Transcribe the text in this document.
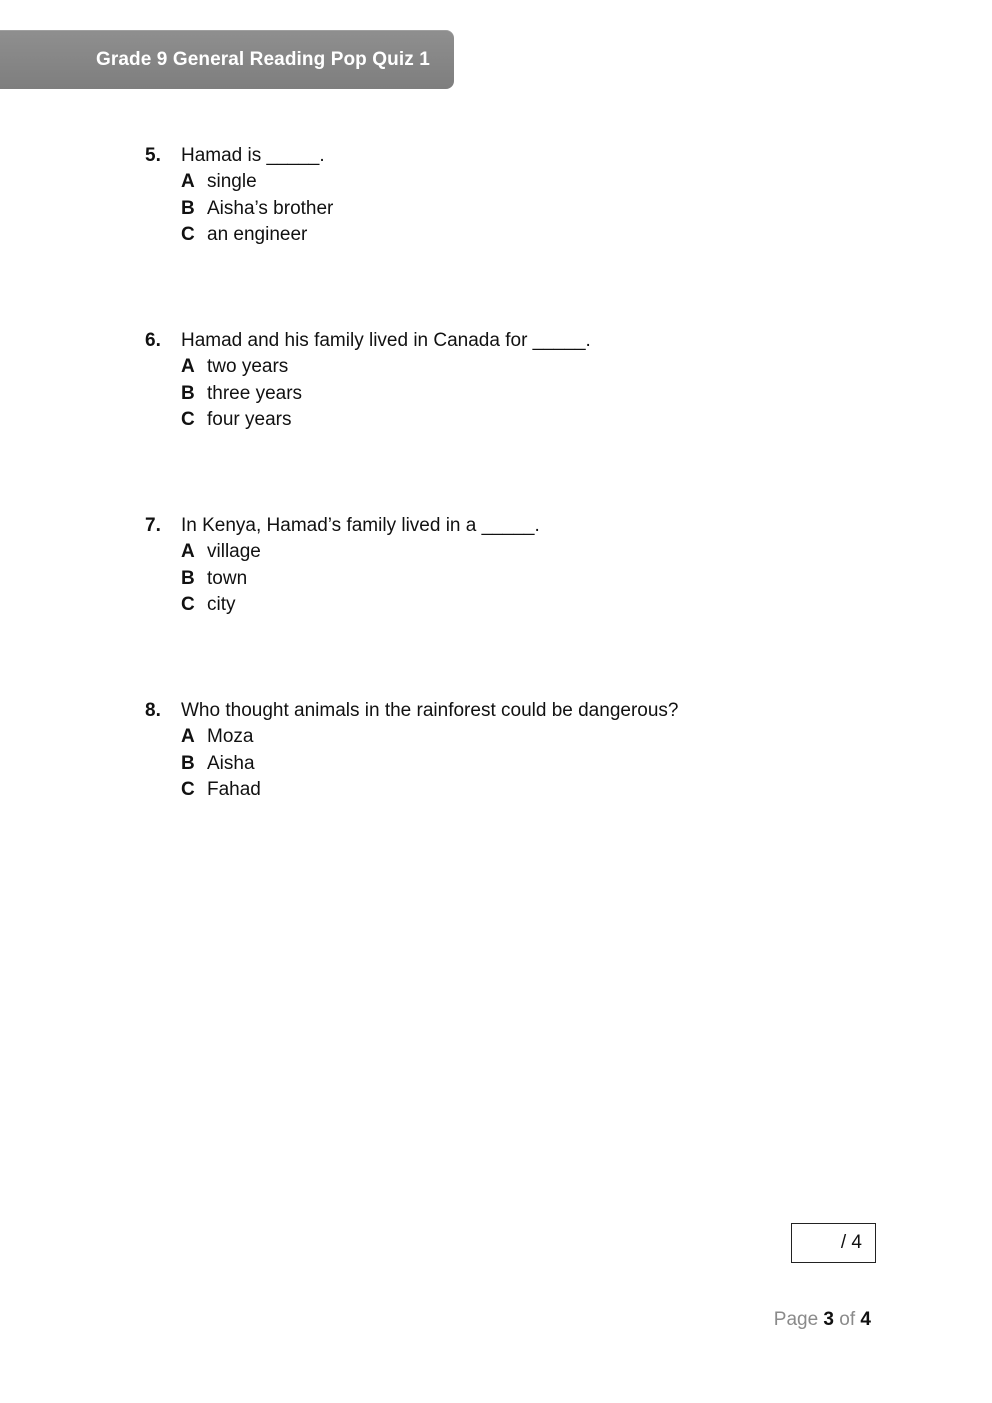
Grade 9 General Reading Pop Quiz 1
5. Hamad is _____.
A single
B Aisha’s brother
C an engineer
6. Hamad and his family lived in Canada for _____.
A two years
B three years
C four years
7. In Kenya, Hamad’s family lived in a _____.
A village
B town
C city
8. Who thought animals in the rainforest could be dangerous?
A Moza
B Aisha
C Fahad
/ 4
Page 3 of 4
